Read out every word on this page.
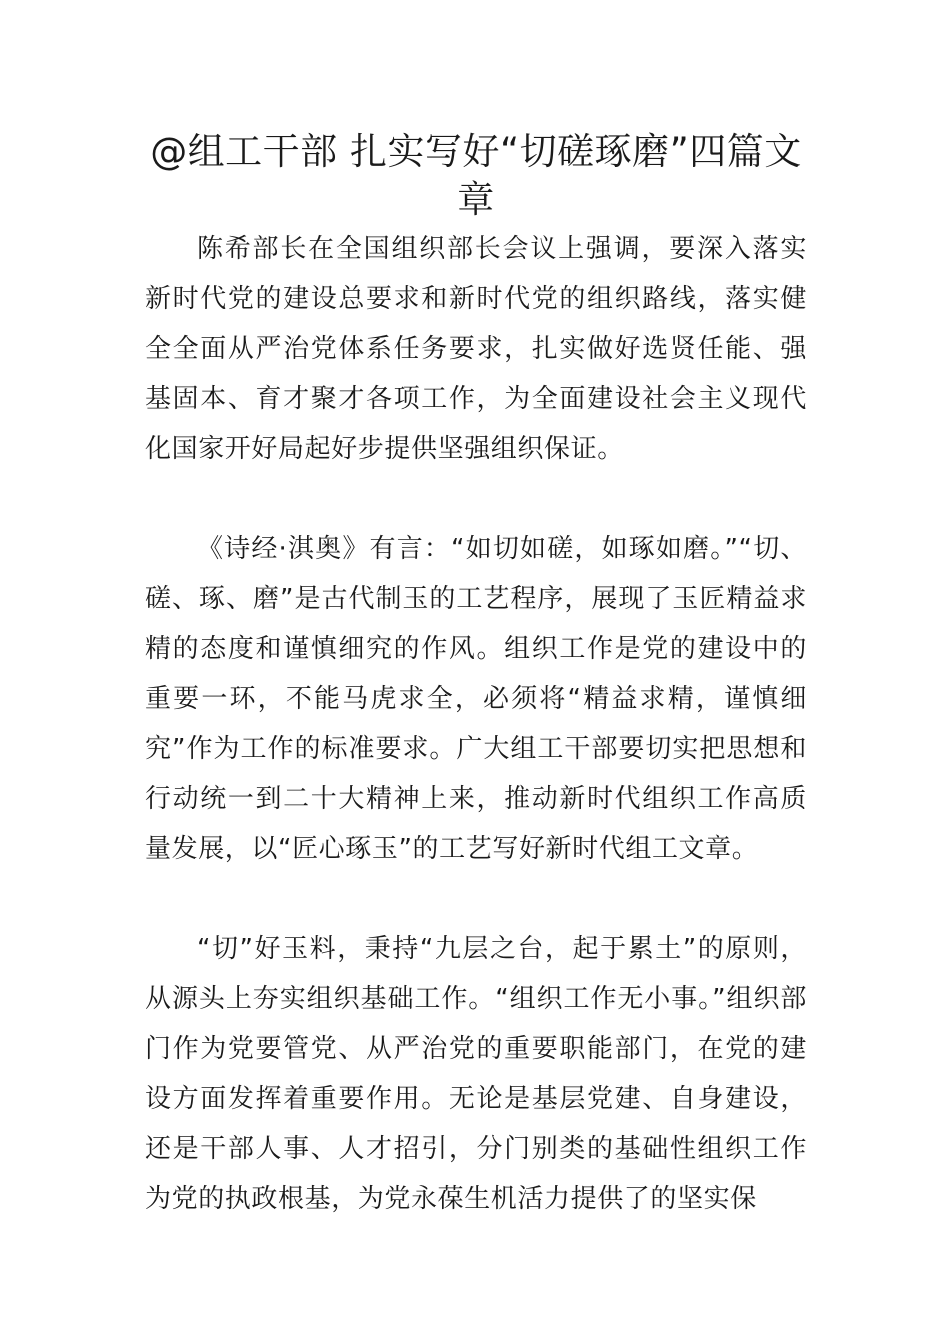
@组工干部 扎实写好“切磋琢磨”四篇文章

陈希部长在全国组织部长会议上强调，要深入落实新时代党的建设总要求和新时代党的组织路线，落实健全全面从严治党体系任务要求，扎实做好选贤任能、强基固本、育才聚才各项工作，为全面建设社会主义现代化国家开好局起好步提供坚强组织保证。

《诗经·淇奥》有言：“如切如磋，如琢如磨。”“切、磋、琢、磨”是古代制玉的工艺程序，展现了玉匠精益求精的态度和谨慎细究的作风。组织工作是党的建设中的重要一环，不能马虎求全，必须将“精益求精，谨慎细究”作为工作的标准要求。广大组工干部要切实把思想和行动统一到二十大精神上来，推动新时代组织工作高质量发展，以“匠心琢玉”的工艺写好新时代组工文章。

“切”好玉料，秉持“九层之台，起于累土”的原则，从源头上夯实组织基础工作。“组织工作无小事。”组织部门作为党要管党、从严治党的重要职能部门，在党的建设方面发挥着重要作用。无论是基层党建、自身建设，还是干部人事、人才招引，分门别类的基础性组织工作为党的执政根基，为党永葆生机活力提供了的坚实保
